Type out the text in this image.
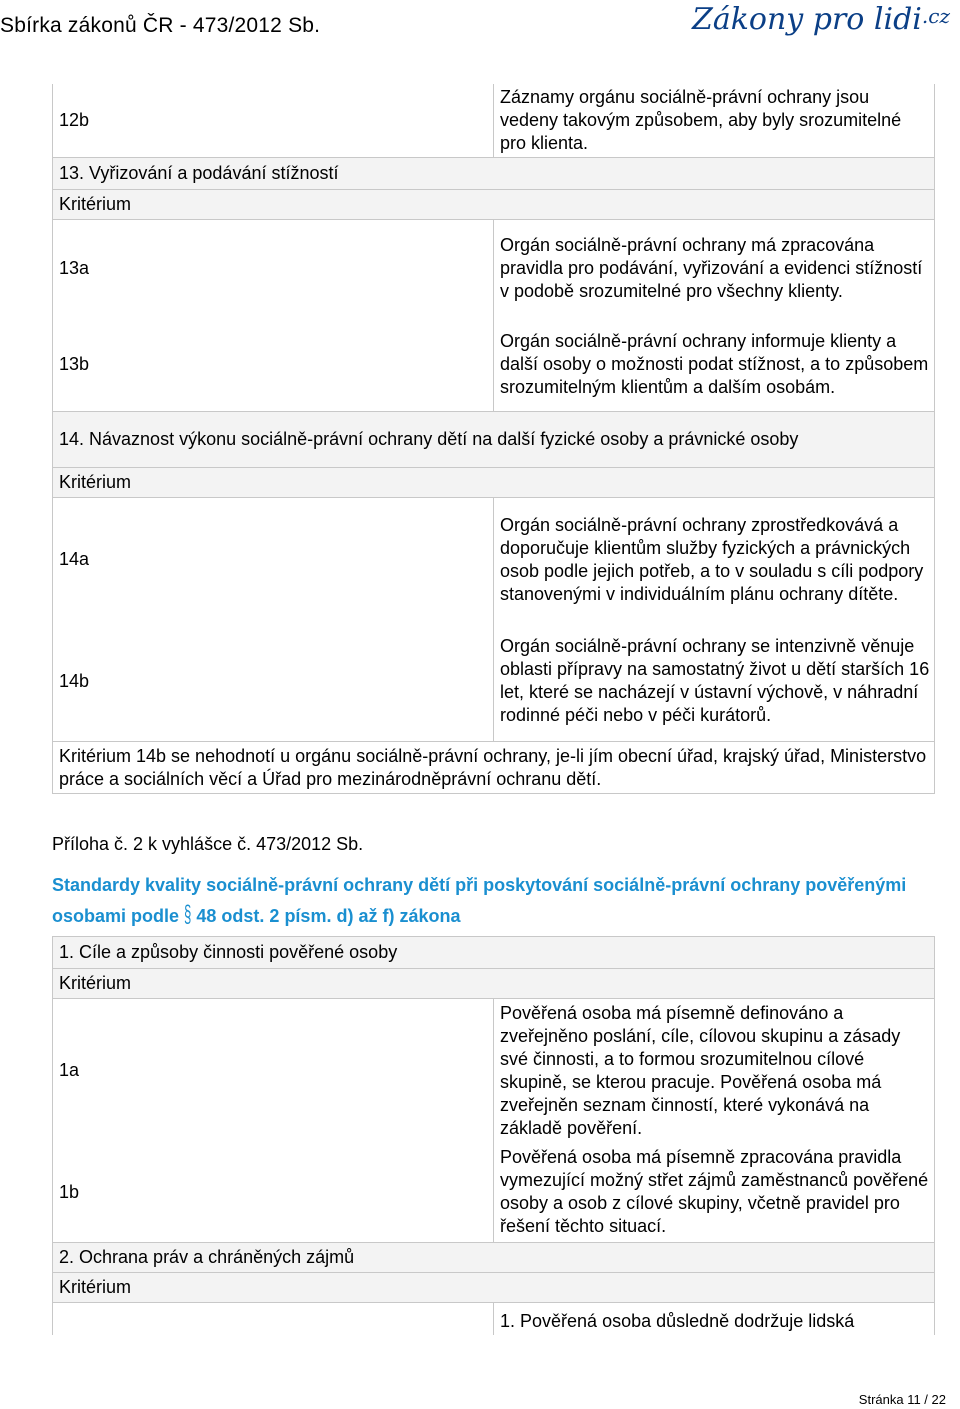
Sbírka zákonů ČR - 473/2012 Sb.	Zákony pro lidi$^{.cz}$
12b	Záznamy orgánu sociálně-právní ochrany jsou vedeny takovým způsobem, aby byly srozumitelné pro klienta.
13. Vyřizování a podávání stížností	
Kritérium	
13a	Orgán sociálně-právní ochrany má zpracována pravidla pro podávání, vyřizování a evidenci stížností v podobě srozumitelné pro všechny klienty.
13b	Orgán sociálně-právní ochrany informuje klienty a další osoby o možnosti podat stížnost, a to způsobem srozumitelným klientům a dalším osobám.
14. Návaznost výkonu sociálně-právní ochrany dětí na další fyzické osoby a právnické osoby	
Kritérium	
14a	Orgán sociálně-právní ochrany zprostředkovává a doporučuje klientům služby fyzických a právnických osob podle jejich potřeb, a to v souladu s cíli podpory stanovenými v individuálním plánu ochrany dítěte.
14b	Orgán sociálně-právní ochrany se intenzivně věnuje oblasti přípravy na samostatný život u dětí starších 16 let, které se nacházejí v ústavní výchově, v náhradní rodinné péči nebo v péči kurátorů.
Kritérium 14b se nehodnotí u orgánu sociálně-právní ochrany, je-li jím obecní úřad, krajský úřad, Ministerstvo práce a sociálních věcí a Úřad pro mezinárodněprávní ochranu dětí.	
Příloha č. 2 k vyhlášce č. 473/2012 Sb.
Standardy kvality sociálně-právní ochrany dětí při poskytování sociálně-právní ochrany pověřenými osobami podle § 48 odst. 2 písm. d) až f) zákona
1. Cíle a způsoby činnosti pověřené osoby	
Kritérium	
1a	Pověřená osoba má písemně definováno a zveřejněno poslání, cíle, cílovou skupinu a zásady své činnosti, a to formou srozumitelnou cílové skupině, se kterou pracuje. Pověřená osoba má zveřejněn seznam činností, které vykonává na základě pověření.
1b	Pověřená osoba má písemně zpracována pravidla vymezující možný střet zájmů zaměstnanců pověřené osoby a osob z cílové skupiny, včetně pravidel pro řešení těchto situací.
2. Ochrana práv a chráněných zájmů	
Kritérium	
	1. Pověřená osoba důsledně dodržuje lidská
Stránka 11 / 22
